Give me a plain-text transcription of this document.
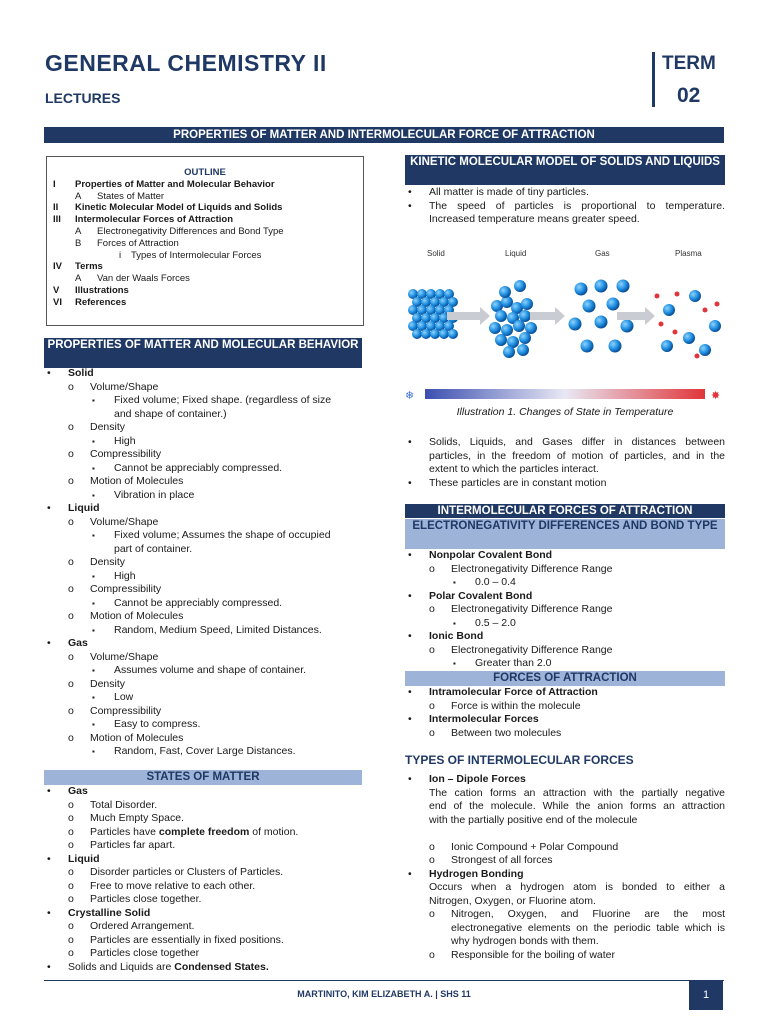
GENERAL CHEMISTRY II
LECTURES
TERM
02
PROPERTIES OF MATTER AND INTERMOLECULAR FORCE OF ATTRACTION
OUTLINE
I Properties of Matter and Molecular Behavior
A States of Matter
II Kinetic Molecular Model of Liquids and Solids
III Intermolecular Forces of Attraction
A Electronegativity Differences and Bond Type
B Forces of Attraction
i Types of Intermolecular Forces
IV Terms
A Van der Waals Forces
V Illustrations
VI References
PROPERTIES OF MATTER AND MOLECULAR BEHAVIOR
• Solid
o Volume/Shape
▪ Fixed volume; Fixed shape. (regardless of size
and shape of container.)
o Density
▪ High
o Compressibility
▪ Cannot be appreciably compressed.
o Motion of Molecules
▪ Vibration in place
• Liquid
o Volume/Shape
▪ Fixed volume; Assumes the shape of occupied
part of container.
o Density
▪ High
o Compressibility
▪ Cannot be appreciably compressed.
o Motion of Molecules
▪ Random, Medium Speed, Limited Distances.
• Gas
o Volume/Shape
▪ Assumes volume and shape of container.
o Density
▪ Low
o Compressibility
▪ Easy to compress.
o Motion of Molecules
▪ Random, Fast, Cover Large Distances.
STATES OF MATTER
• Gas
o Total Disorder.
o Much Empty Space.
o Particles have complete freedom of motion.
o Particles far apart.
• Liquid
o Disorder particles or Clusters of Particles.
o Free to move relative to each other.
o Particles close together.
• Crystalline Solid
o Ordered Arrangement.
o Particles are essentially in fixed positions.
o Particles close together
• Solids and Liquids are Condensed States.
KINETIC MOLECULAR MODEL OF SOLIDS AND LIQUIDS
• All matter is made of tiny particles.
• The speed of particles is proportional to temperature.
Increased temperature means greater speed.
Solid	Liquid	Gas	Plasma
❄	✸
Illustration 1. Changes of State in Temperature
• Solids, Liquids, and Gases differ in distances between
particles, in the freedom of motion of particles, and in the
extent to which the particles interact.
• These particles are in constant motion
INTERMOLECULAR FORCES OF ATTRACTION
ELECTRONEGATIVITY DIFFERENCES AND BOND TYPE
• Nonpolar Covalent Bond
o Electronegativity Difference Range
▪ 0.0 – 0.4
• Polar Covalent Bond
o Electronegativity Difference Range
▪ 0.5 – 2.0
• Ionic Bond
o Electronegativity Difference Range
▪ Greater than 2.0
FORCES OF ATTRACTION
• Intramolecular Force of Attraction
o Force is within the molecule
• Intermolecular Forces
o Between two molecules
TYPES OF INTERMOLECULAR FORCES
• Ion – Dipole Forces
The cation forms an attraction with the partially negative
end of the molecule. While the anion forms an attraction
with the partially positive end of the molecule
o Ionic Compound + Polar Compound
o Strongest of all forces
• Hydrogen Bonding
Occurs when a hydrogen atom is bonded to either a
Nitrogen, Oxygen, or Fluorine atom.
o Nitrogen, Oxygen, and Fluorine are the most
electronegative elements on the periodic table which is
why hydrogen bonds with them.
o Responsible for the boiling of water
MARTINITO, KIM ELIZABETH A. | SHS 11	1
